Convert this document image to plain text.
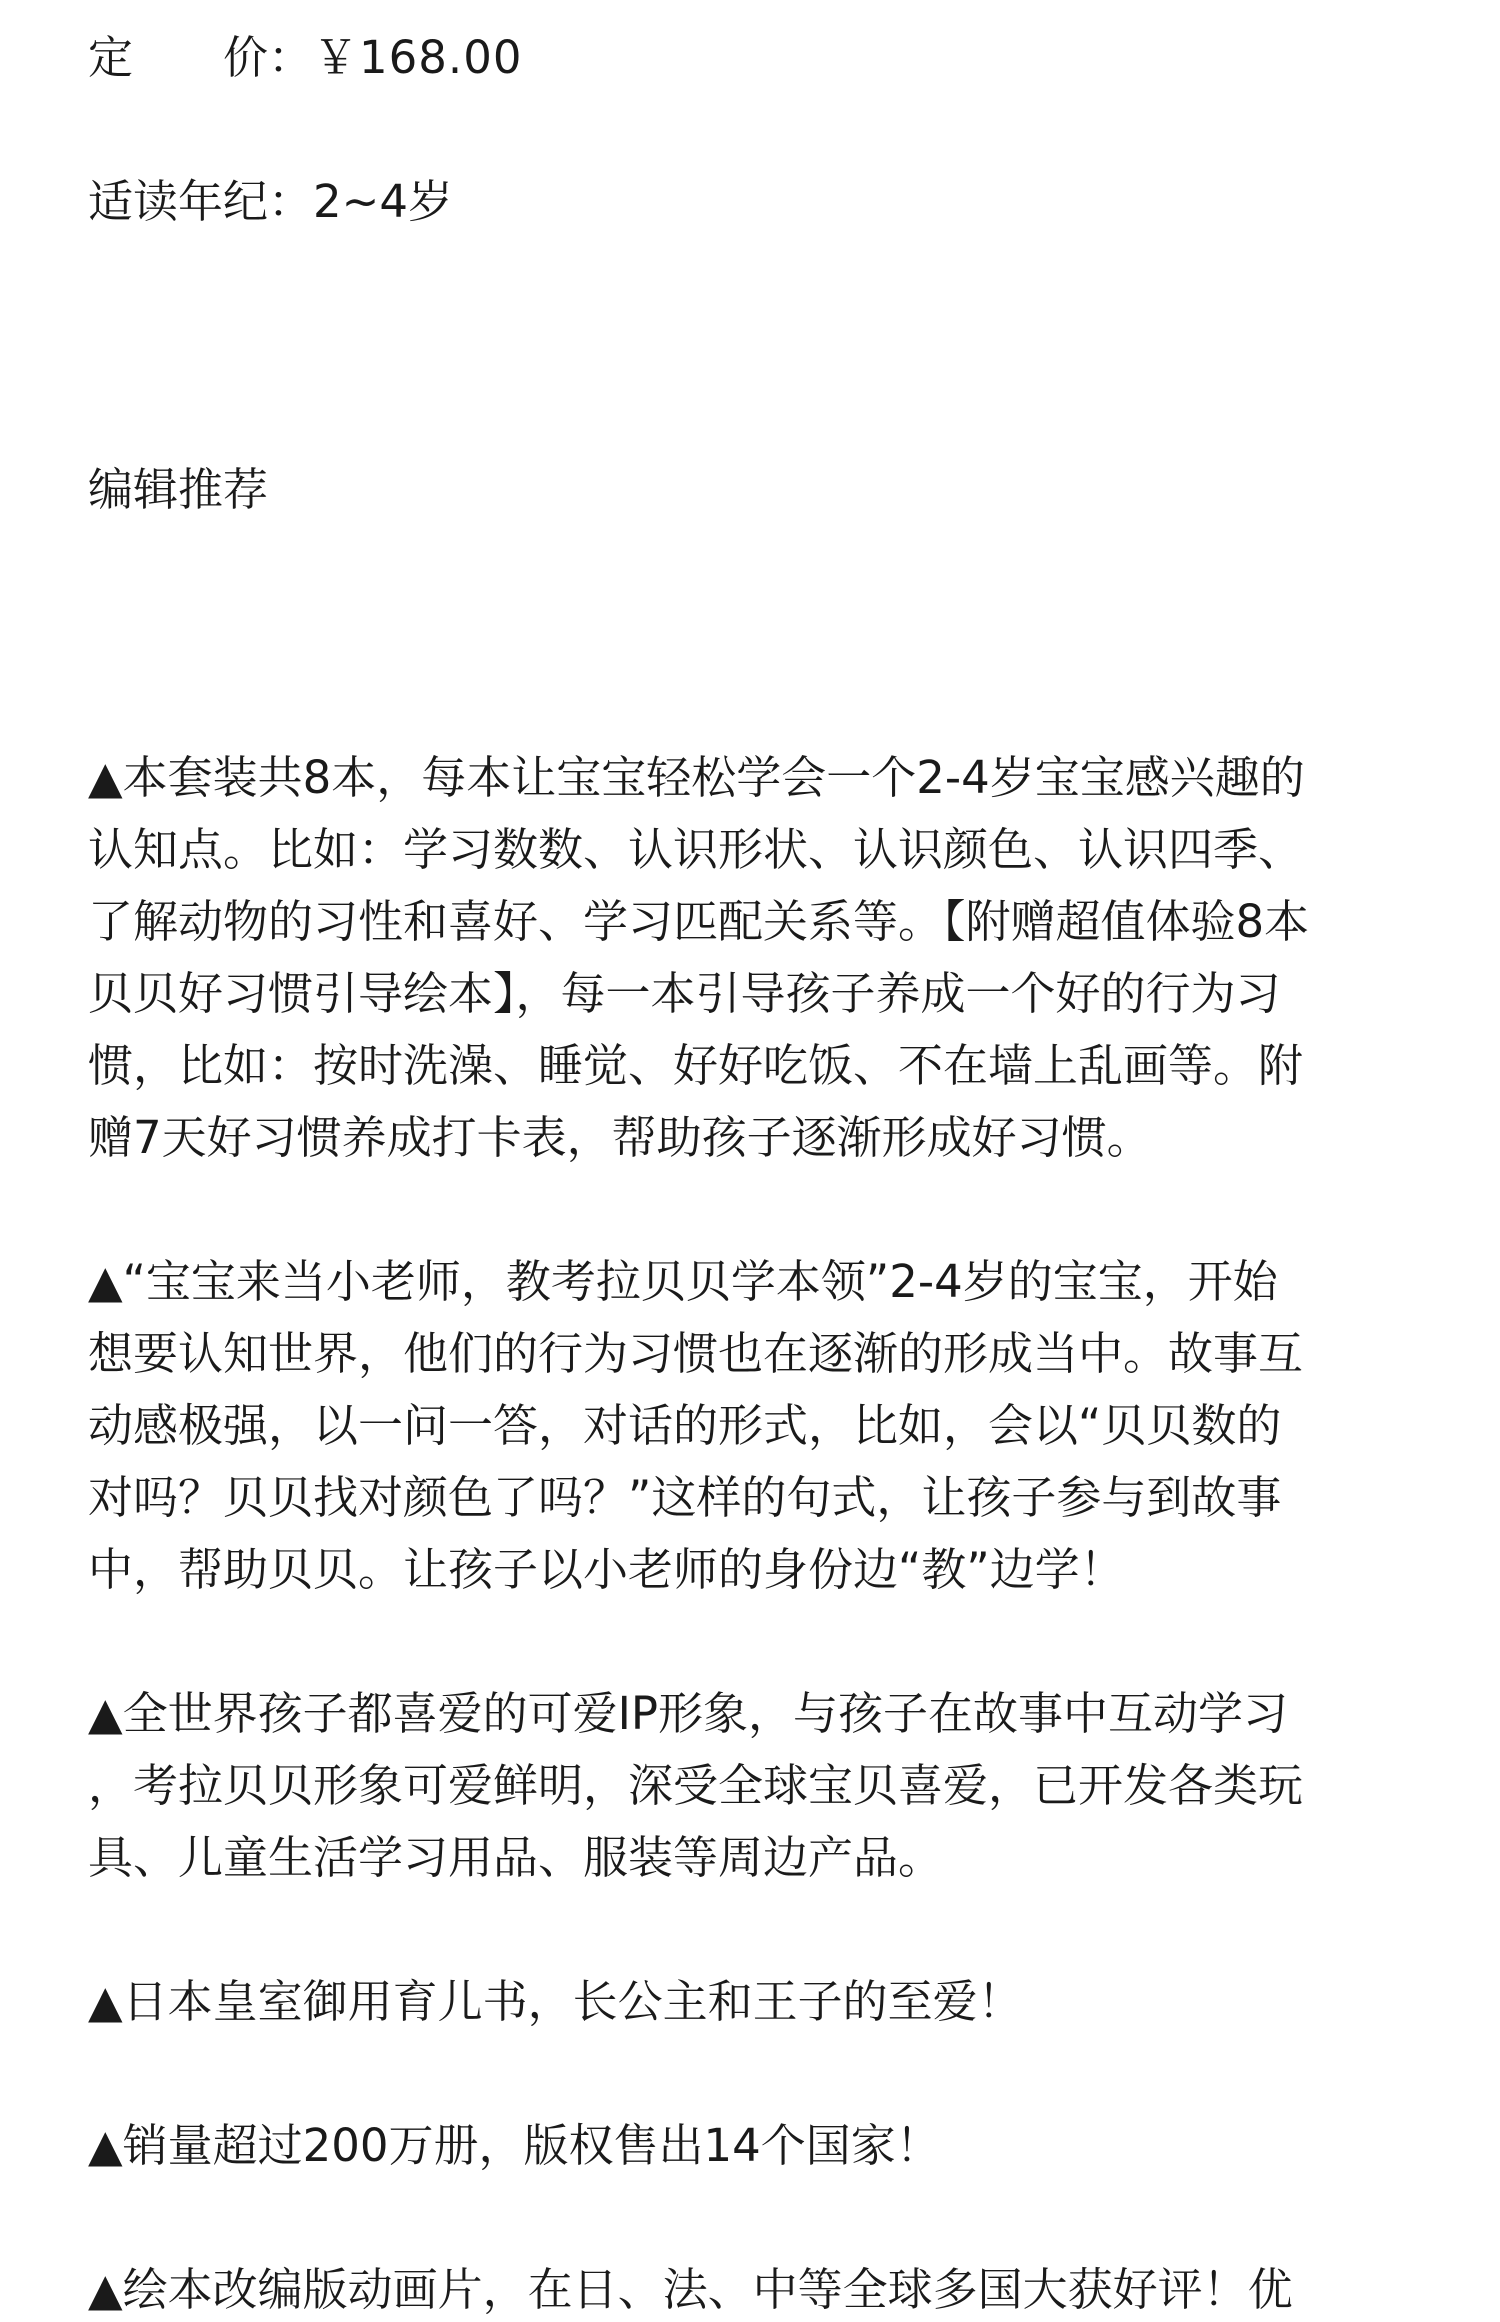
定 价：￥168.00

适读年纪：2~4岁

编辑推荐

▲本套装共8本，每本让宝宝轻松学会一个2-4岁宝宝感兴趣的
认知点。比如：学习数数、认识形状、认识颜色、认识四季、
了解动物的习性和喜好、学习匹配关系等。【附赠超值体验8本
贝贝好习惯引导绘本】，每一本引导孩子养成一个好的行为习
惯，比如：按时洗澡、睡觉、好好吃饭、不在墙上乱画等。附
赠7天好习惯养成打卡表，帮助孩子逐渐形成好习惯。
▲“宝宝来当小老师，教考拉贝贝学本领”2-4岁的宝宝，开始
想要认知世界，他们的行为习惯也在逐渐的形成当中。故事互
动感极强，以一问一答，对话的形式，比如，会以“贝贝数的
对吗？贝贝找对颜色了吗？”这样的句式，让孩子参与到故事
中，帮助贝贝。让孩子以小老师的身份边“教”边学！
▲全世界孩子都喜爱的可爱IP形象，与孩子在故事中互动学习
，考拉贝贝形象可爱鲜明，深受全球宝贝喜爱，已开发各类玩
具、儿童生活学习用品、服装等周边产品。
▲日本皇室御用育儿书，长公主和王子的至爱！
▲销量超过200万册，版权售出14个国家！
▲绘本改编版动画片，在日、法、中等全球多国大获好评！优
